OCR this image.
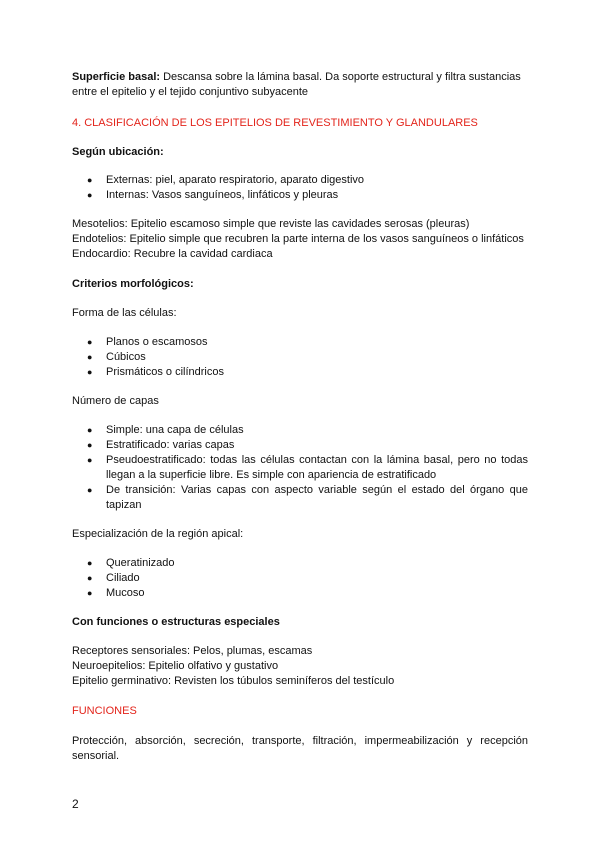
Superficie basal: Descansa sobre la lámina basal. Da soporte estructural y filtra sustancias entre el epitelio y el tejido conjuntivo subyacente

4. CLASIFICACIÓN DE LOS EPITELIOS DE REVESTIMIENTO Y GLANDULARES

Según ubicación:

● Externas: piel, aparato respiratorio, aparato digestivo
● Internas: Vasos sanguíneos, linfáticos y pleuras

Mesotelios: Epitelio escamoso simple que reviste las cavidades serosas (pleuras)

Endotelios: Epitelio simple que recubren la parte interna de los vasos sanguíneos o linfáticos

Endocardio: Recubre la cavidad cardiaca

Criterios morfológicos:

Forma de las células:

● Planos o escamosos
● Cúbicos
● Prismáticos o cilíndricos

Número de capas

● Simple: una capa de células
● Estratificado: varias capas
● Pseudoestratificado: todas las células contactan con la lámina basal, pero no todas llegan a la superficie libre. Es simple con apariencia de estratificado
● De transición: Varias capas con aspecto variable según el estado del órgano que tapizan

Especialización de la región apical:

● Queratinizado
● Ciliado
● Mucoso

Con funciones o estructuras especiales

Receptores sensoriales: Pelos, plumas, escamas

Neuroepitelios: Epitelio olfativo y gustativo

Epitelio germinativo: Revisten los túbulos seminíferos del testículo

FUNCIONES

Protección, absorción, secreción, transporte, filtración, impermeabilización y recepción sensorial.

2
